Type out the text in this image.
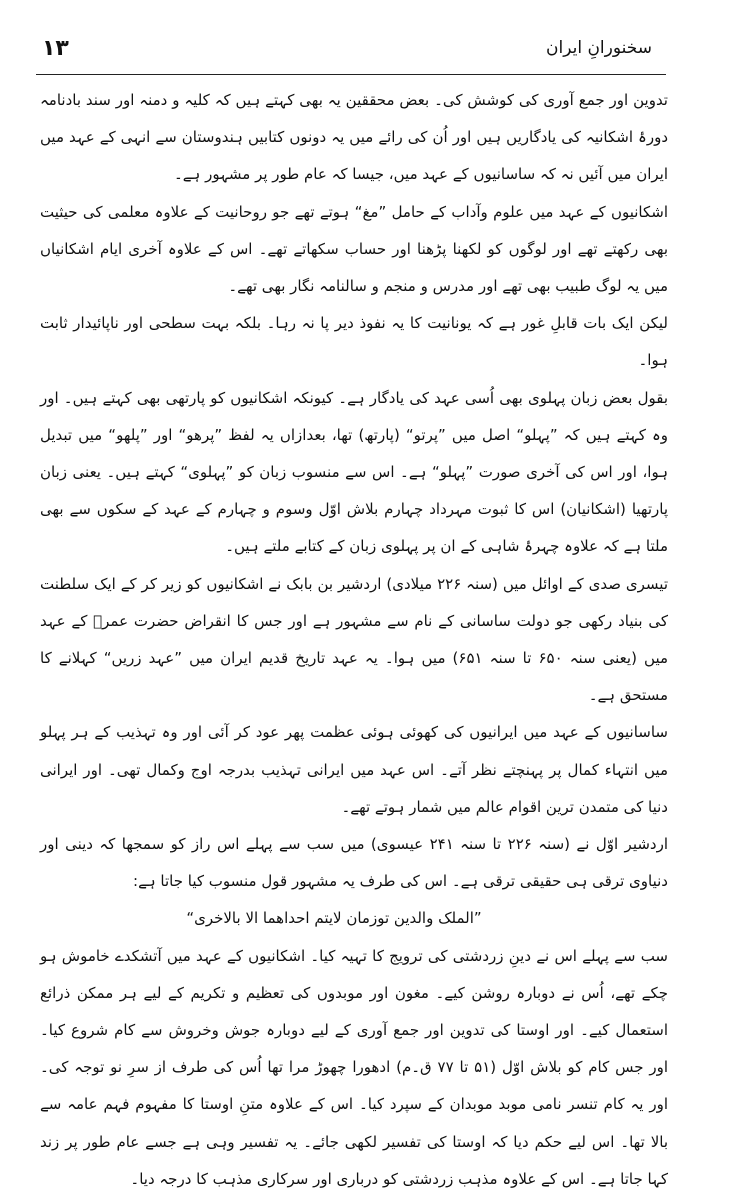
۱۳	سخنورانِ ایران

تدوین اور جمع آوری کی کوشش کی۔ بعض محققین یہ بھی کہتے ہیں کہ کلیہ و دمنہ اور سند بادنامہ دورۂ اشکانیہ کی یادگاریں ہیں اور اُن کی رائے میں یہ دونوں کتابیں ہندوستان سے انہی کے عہد میں ایران میں آئیں نہ کہ ساسانیوں کے عہد میں، جیسا کہ عام طور پر مشہور ہے۔

اشکانیوں کے عہد میں علوم وآداب کے حامل ”مغ“ ہوتے تھے جو روحانیت کے علاوہ معلمی کی حیثیت بھی رکھتے تھے اور لوگوں کو لکھنا پڑھنا اور حساب سکھاتے تھے۔ اس کے علاوہ آخری ایام اشکانیاں میں یہ لوگ طبیب بھی تھے اور مدرس و منجم و سالنامہ نگار بھی تھے۔

لیکن ایک بات قابلِ غور ہے کہ یونانیت کا یہ نفوذ دیر پا نہ رہا۔ بلکہ بہت سطحی اور ناپائیدار ثابت ہوا۔

بقول بعض زبان پہلوی بھی اُسی عہد کی یادگار ہے۔ کیونکہ اشکانیوں کو پارتھی بھی کہتے ہیں۔ اور وہ کہتے ہیں کہ ”پہلو“ اصل میں ”پرتو“ (پارتھ) تھا، بعدازاں یہ لفظ ”پرھو“ اور ”پلھو“ میں تبدیل ہوا، اور اس کی آخری صورت ”پہلو“ ہے۔ اس سے منسوب زبان کو ”پہلوی“ کہتے ہیں۔ یعنی زبان پارتھیا (اشکانیان) اس کا ثبوت مہرداد چہارم بلاش اوّل وسوم و چہارم کے عہد کے سکوں سے بھی ملتا ہے کہ علاوہ چہرۂ شاہی کے ان پر پہلوی زبان کے کتابے ملتے ہیں۔

تیسری صدی کے اوائل میں (سنہ ۲۲۶ میلادی) اردشیر بن بابک نے اشکانیوں کو زیر کر کے ایک سلطنت کی بنیاد رکھی جو دولت ساسانی کے نام سے مشہور ہے اور جس کا انقراض حضرت عمرؓ کے عہد میں (یعنی سنہ ۶۵۰ تا سنہ ۶۵۱) میں ہوا۔ یہ عہد تاریخ قدیم ایران میں ”عہد زریں“ کہلانے کا مستحق ہے۔

ساسانیوں کے عہد میں ایرانیوں کی کھوئی ہوئی عظمت پھر عود کر آئی اور وہ تہذیب کے ہر پہلو میں انتہاء کمال پر پہنچتے نظر آتے۔ اس عہد میں ایرانی تہذیب بدرجہ اوج وکمال تھی۔ اور ایرانی دنیا کی متمدن ترین اقوام عالم میں شمار ہوتے تھے۔

اردشیر اوّل نے (سنہ ۲۲۶ تا سنہ ۲۴۱ عیسوی) میں سب سے پہلے اس راز کو سمجھا کہ دینی اور دنیاوی ترقی ہی حقیقی ترقی ہے۔ اس کی طرف یہ مشہور قول منسوب کیا جاتا ہے:

”الملک والدین توزمان لایتم احداھما الا بالاخری“

سب سے پہلے اس نے دینِ زردشتی کی ترویج کا تہیہ کیا۔ اشکانیوں کے عہد میں آتشکدے خاموش ہو چکے تھے، اُس نے دوبارہ روشن کیے۔ مغون اور موبدوں کی تعظیم و تکریم کے لیے ہر ممکن ذرائع استعمال کیے۔ اور اوستا کی تدوین اور جمع آوری کے لیے دوبارہ جوش وخروش سے کام شروع کیا۔ اور جس کام کو بلاش اوّل (۵۱ تا ۷۷ ق۔م) ادھورا چھوڑ مرا تھا اُس کی طرف از سرِ نو توجہ کی۔ اور یہ کام تنسر نامی موبد موبدان کے سپرد کیا۔ اس کے علاوہ متنِ اوستا کا مفہوم فہم عامہ سے بالا تھا۔ اس لیے حکم دیا کہ اوستا کی تفسیر لکھی جائے۔ یہ تفسیر وہی ہے جسے عام طور پر زند کہا جاتا ہے۔ اس کے علاوہ مذہب زردشتی کو درباری اور سرکاری مذہب کا درجہ دیا۔
